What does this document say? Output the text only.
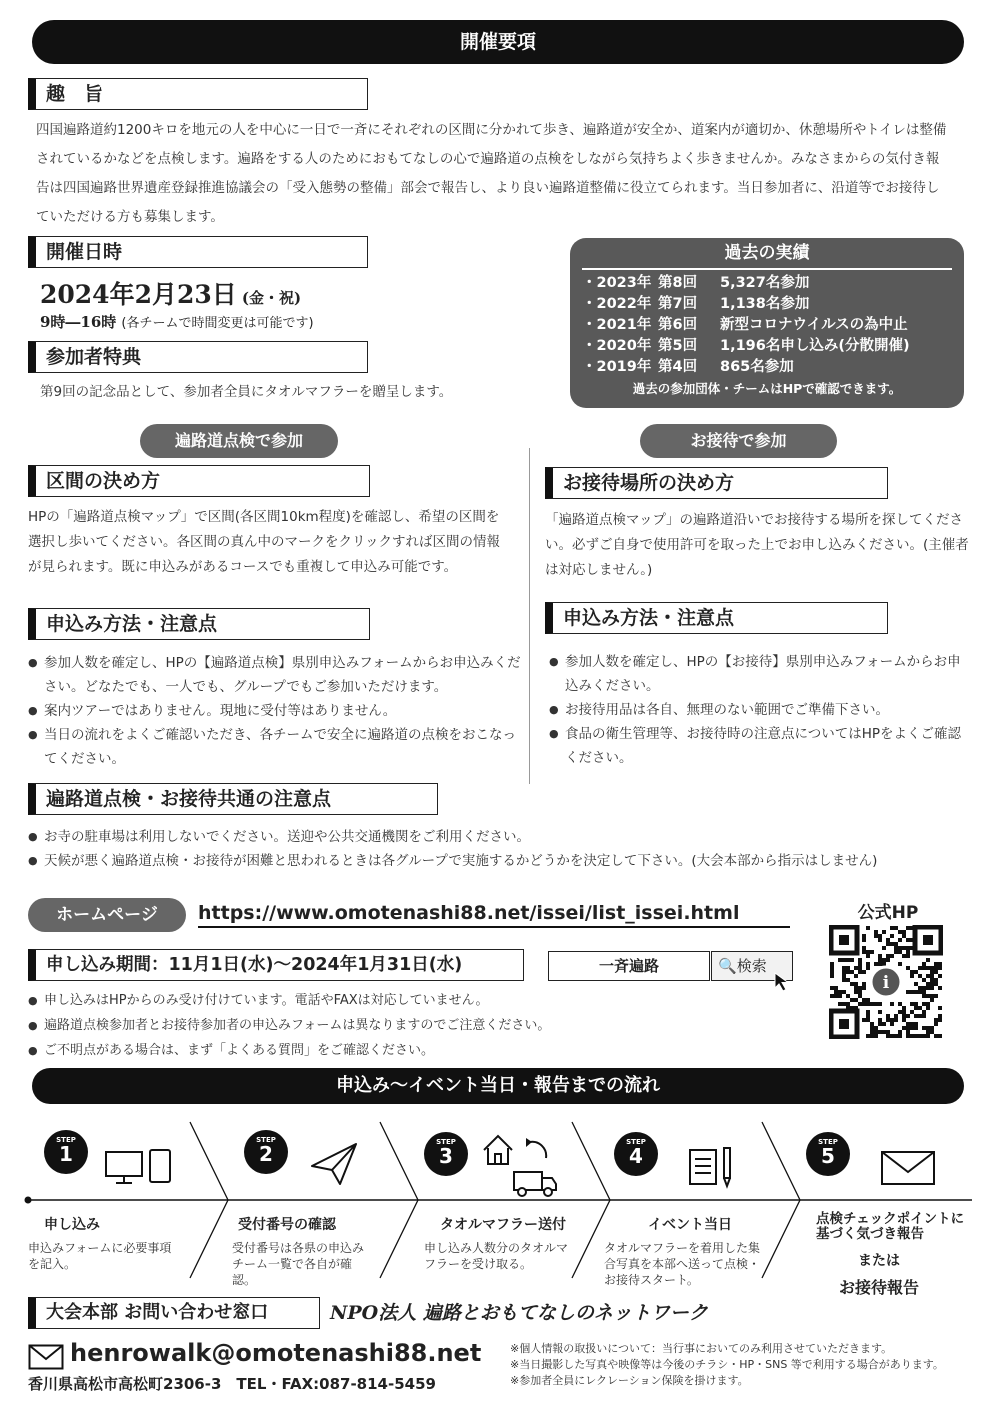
開催要項
趣　旨
四国遍路道約1200キロを地元の人を中心に一日で一斉にそれぞれの区間に分かれて歩き、遍路道が安全か、道案内が適切か、休憩場所やトイレは整備されているかなどを点検します。遍路をする人のためにおもてなしの心で遍路道の点検をしながら気持ちよく歩きませんか。みなさまからの気付き報告は四国遍路世界遺産登録推進協議会の「受入態勢の整備」部会で報告し、より良い遍路道整備に役立てられます。当日参加者に、沿道等でお接待していただける方も募集します。
開催日時
2024年2月23日 (金・祝)
9時―16時 (各チームで時間変更は可能です)
参加者特典
第9回の記念品として、参加者全員にタオルマフラーを贈呈します。
過去の実績
・2023年 第8回 5,327名参加
・2022年 第7回 1,138名参加
・2021年 第6回 新型コロナウイルスの為中止
・2020年 第5回 1,196名申し込み(分散開催)
・2019年 第4回 865名参加
過去の参加団体・チームはHPで確認できます。
遍路道点検で参加
区間の決め方
HPの「遍路道点検マップ」で区間(各区間10km程度)を確認し、希望の区間を選択し歩いてください。各区間の真ん中のマークをクリックすれば区間の情報が見られます。既に申込みがあるコースでも重複して申込み可能です。
申込み方法・注意点
● 参加人数を確定し、HPの【遍路道点検】県別申込みフォームからお申込みください。どなたでも、一人でも、グループでもご参加いただけます。
● 案内ツアーではありません。現地に受付等はありません。
● 当日の流れをよくご確認いただき、各チームで安全に遍路道の点検をおこなってください。
お接待で参加
お接待場所の決め方
「遍路道点検マップ」の遍路道沿いでお接待する場所を探してください。必ずご自身で使用許可を取った上でお申し込みください。(主催者は対応しません。)
申込み方法・注意点
● 参加人数を確定し、HPの【お接待】県別申込みフォームからお申込みください。
● お接待用品は各自、無理のない範囲でご準備下さい。
● 食品の衛生管理等、お接待時の注意点についてはHPをよくご確認ください。
遍路道点検・お接待共通の注意点
● お寺の駐車場は利用しないでください。送迎や公共交通機関をご利用ください。
● 天候が悪く遍路道点検・お接待が困難と思われるときは各グループで実施するかどうかを決定して下さい。(大会本部から指示はしません)
ホームページ	https://www.omotenashi88.net/issei/list_issei.html	公式HP
i
申し込み期間：11月1日(水)～2024年1月31日(水)	一斉遍路	🔍検索
● 申し込みはHPからのみ受け付けています。電話やFAXは対応していません。
● 遍路道点検参加者とお接待参加者の申込みフォームは異なりますのでご注意ください。
● ご不明点がある場合は、まず「よくある質問」をご確認ください。
申込み～イベント当日・報告までの流れ
STEP
1
申し込み
申込みフォームに必要事項を記入。
STEP
2
受付番号の確認
受付番号は各県の申込みチーム一覧で各自が確認。
STEP
3
タオルマフラー送付
申し込み人数分のタオルマフラーを受け取る。
STEP
4
イベント当日
タオルマフラーを着用した集合写真を本部へ送って点検・お接待スタート。
STEP
5
点検チェックポイントに基づく気づき報告
または
お接待報告
大会本部 お問い合わせ窓口	NPO法人 遍路とおもてなしのネットワーク
henrowalk@omotenashi88.net
香川県高松市高松町2306-3　TEL・FAX:087-814-5459
※個人情報の取扱いについて：当行事においてのみ利用させていただきます。
※当日撮影した写真や映像等は今後のチラシ・HP・SNS 等で利用する場合があります。
※参加者全員にレクレーション保険を掛けます。
